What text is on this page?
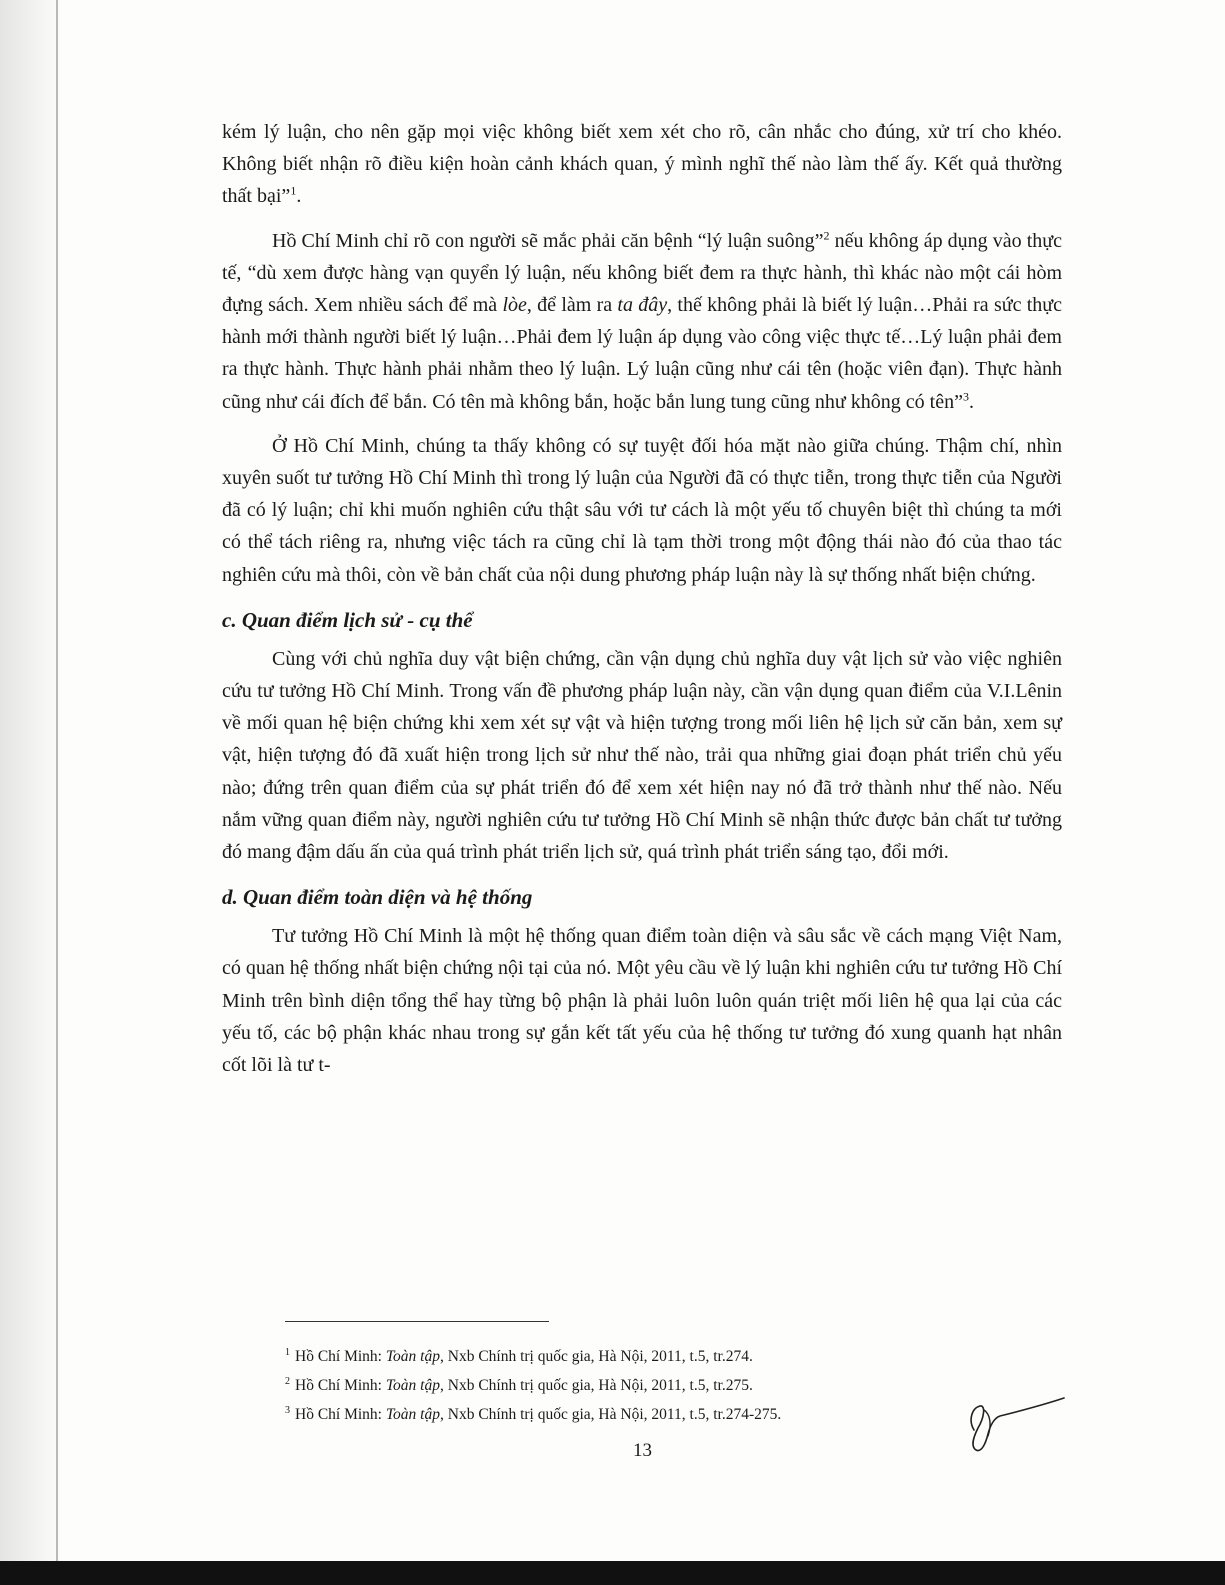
kém lý luận, cho nên gặp mọi việc không biết xem xét cho rõ, cân nhắc cho đúng, xử trí cho khéo. Không biết nhận rõ điều kiện hoàn cảnh khách quan, ý mình nghĩ thế nào làm thế ấy. Kết quả thường thất bại”$^1$.

Hồ Chí Minh chỉ rõ con người sẽ mắc phải căn bệnh “lý luận suông”$^2$ nếu không áp dụng vào thực tế, “dù xem được hàng vạn quyển lý luận, nếu không biết đem ra thực hành, thì khác nào một cái hòm đựng sách. Xem nhiều sách để mà lòe, để làm ra ta đây, thế không phải là biết lý luận…Phải ra sức thực hành mới thành người biết lý luận…Phải đem lý luận áp dụng vào công việc thực tế…Lý luận phải đem ra thực hành. Thực hành phải nhằm theo lý luận. Lý luận cũng như cái tên (hoặc viên đạn). Thực hành cũng như cái đích để bắn. Có tên mà không bắn, hoặc bắn lung tung cũng như không có tên”$^3$.

Ở Hồ Chí Minh, chúng ta thấy không có sự tuyệt đối hóa mặt nào giữa chúng. Thậm chí, nhìn xuyên suốt tư tưởng Hồ Chí Minh thì trong lý luận của Người đã có thực tiễn, trong thực tiễn của Người đã có lý luận; chỉ khi muốn nghiên cứu thật sâu với tư cách là một yếu tố chuyên biệt thì chúng ta mới có thể tách riêng ra, nhưng việc tách ra cũng chỉ là tạm thời trong một động thái nào đó của thao tác nghiên cứu mà thôi, còn về bản chất của nội dung phương pháp luận này là sự thống nhất biện chứng.

c. Quan điểm lịch sử - cụ thể

Cùng với chủ nghĩa duy vật biện chứng, cần vận dụng chủ nghĩa duy vật lịch sử vào việc nghiên cứu tư tưởng Hồ Chí Minh. Trong vấn đề phương pháp luận này, cần vận dụng quan điểm của V.I.Lênin về mối quan hệ biện chứng khi xem xét sự vật và hiện tượng trong mối liên hệ lịch sử căn bản, xem sự vật, hiện tượng đó đã xuất hiện trong lịch sử như thế nào, trải qua những giai đoạn phát triển chủ yếu nào; đứng trên quan điểm của sự phát triển đó để xem xét hiện nay nó đã trở thành như thế nào. Nếu nắm vững quan điểm này, người nghiên cứu tư tưởng Hồ Chí Minh sẽ nhận thức được bản chất tư tưởng đó mang đậm dấu ấn của quá trình phát triển lịch sử, quá trình phát triển sáng tạo, đổi mới.

d. Quan điểm toàn diện và hệ thống

Tư tưởng Hồ Chí Minh là một hệ thống quan điểm toàn diện và sâu sắc về cách mạng Việt Nam, có quan hệ thống nhất biện chứng nội tại của nó. Một yêu cầu về lý luận khi nghiên cứu tư tưởng Hồ Chí Minh trên bình diện tổng thể hay từng bộ phận là phải luôn luôn quán triệt mối liên hệ qua lại của các yếu tố, các bộ phận khác nhau trong sự gắn kết tất yếu của hệ thống tư tưởng đó xung quanh hạt nhân cốt lõi là tư t-

$^1$ Hồ Chí Minh: Toàn tập, Nxb Chính trị quốc gia, Hà Nội, 2011, t.5, tr.274.

$^2$ Hồ Chí Minh: Toàn tập, Nxb Chính trị quốc gia, Hà Nội, 2011, t.5, tr.275.

$^3$ Hồ Chí Minh: Toàn tập, Nxb Chính trị quốc gia, Hà Nội, 2011, t.5, tr.274-275.

13
